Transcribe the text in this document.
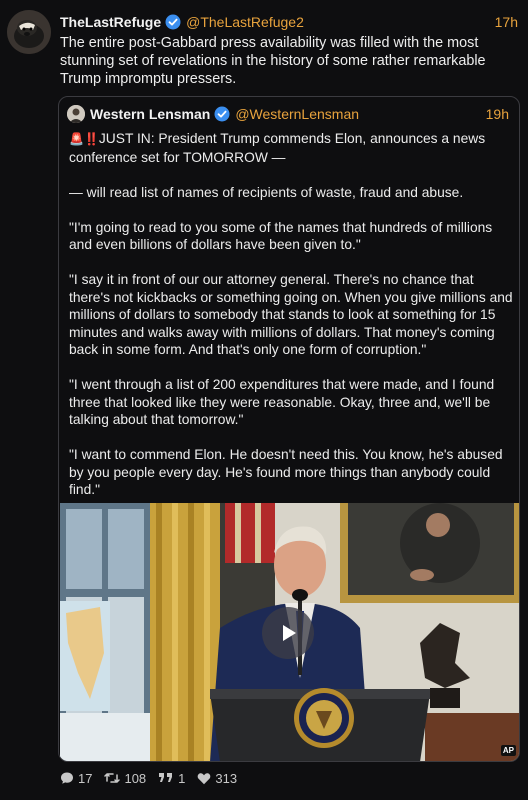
TheLastRefuge @TheLastRefuge2	17h
The entire post-Gabbard press availability was filled with the most stunning set of revelations in the history of some rather remarkable Trump impromptu pressers.
Western Lensman @WesternLensman	19h

🚨‼️JUST IN: President Trump commends Elon, announces a news conference set for TOMORROW —

— will read list of names of recipients of waste, fraud and abuse.

"I'm going to read to you some of the names that hundreds of millions and even billions of dollars have been given to."

"I say it in front of our our attorney general. There's no chance that there's not kickbacks or something going on. When you give millions and millions of dollars to somebody that stands to look at something for 15 minutes and walks away with millions of dollars. That money's coming back in some form. And that's only one form of corruption."

"I went through a list of 200 expenditures that were made, and I found three that looked like they were reasonable. Okay, three and, we'll be talking about that tomorrow."

"I want to commend Elon. He doesn't need this. You know, he's abused by you people every day. He's found more things than anybody could find."

AP
17 108 1 313
